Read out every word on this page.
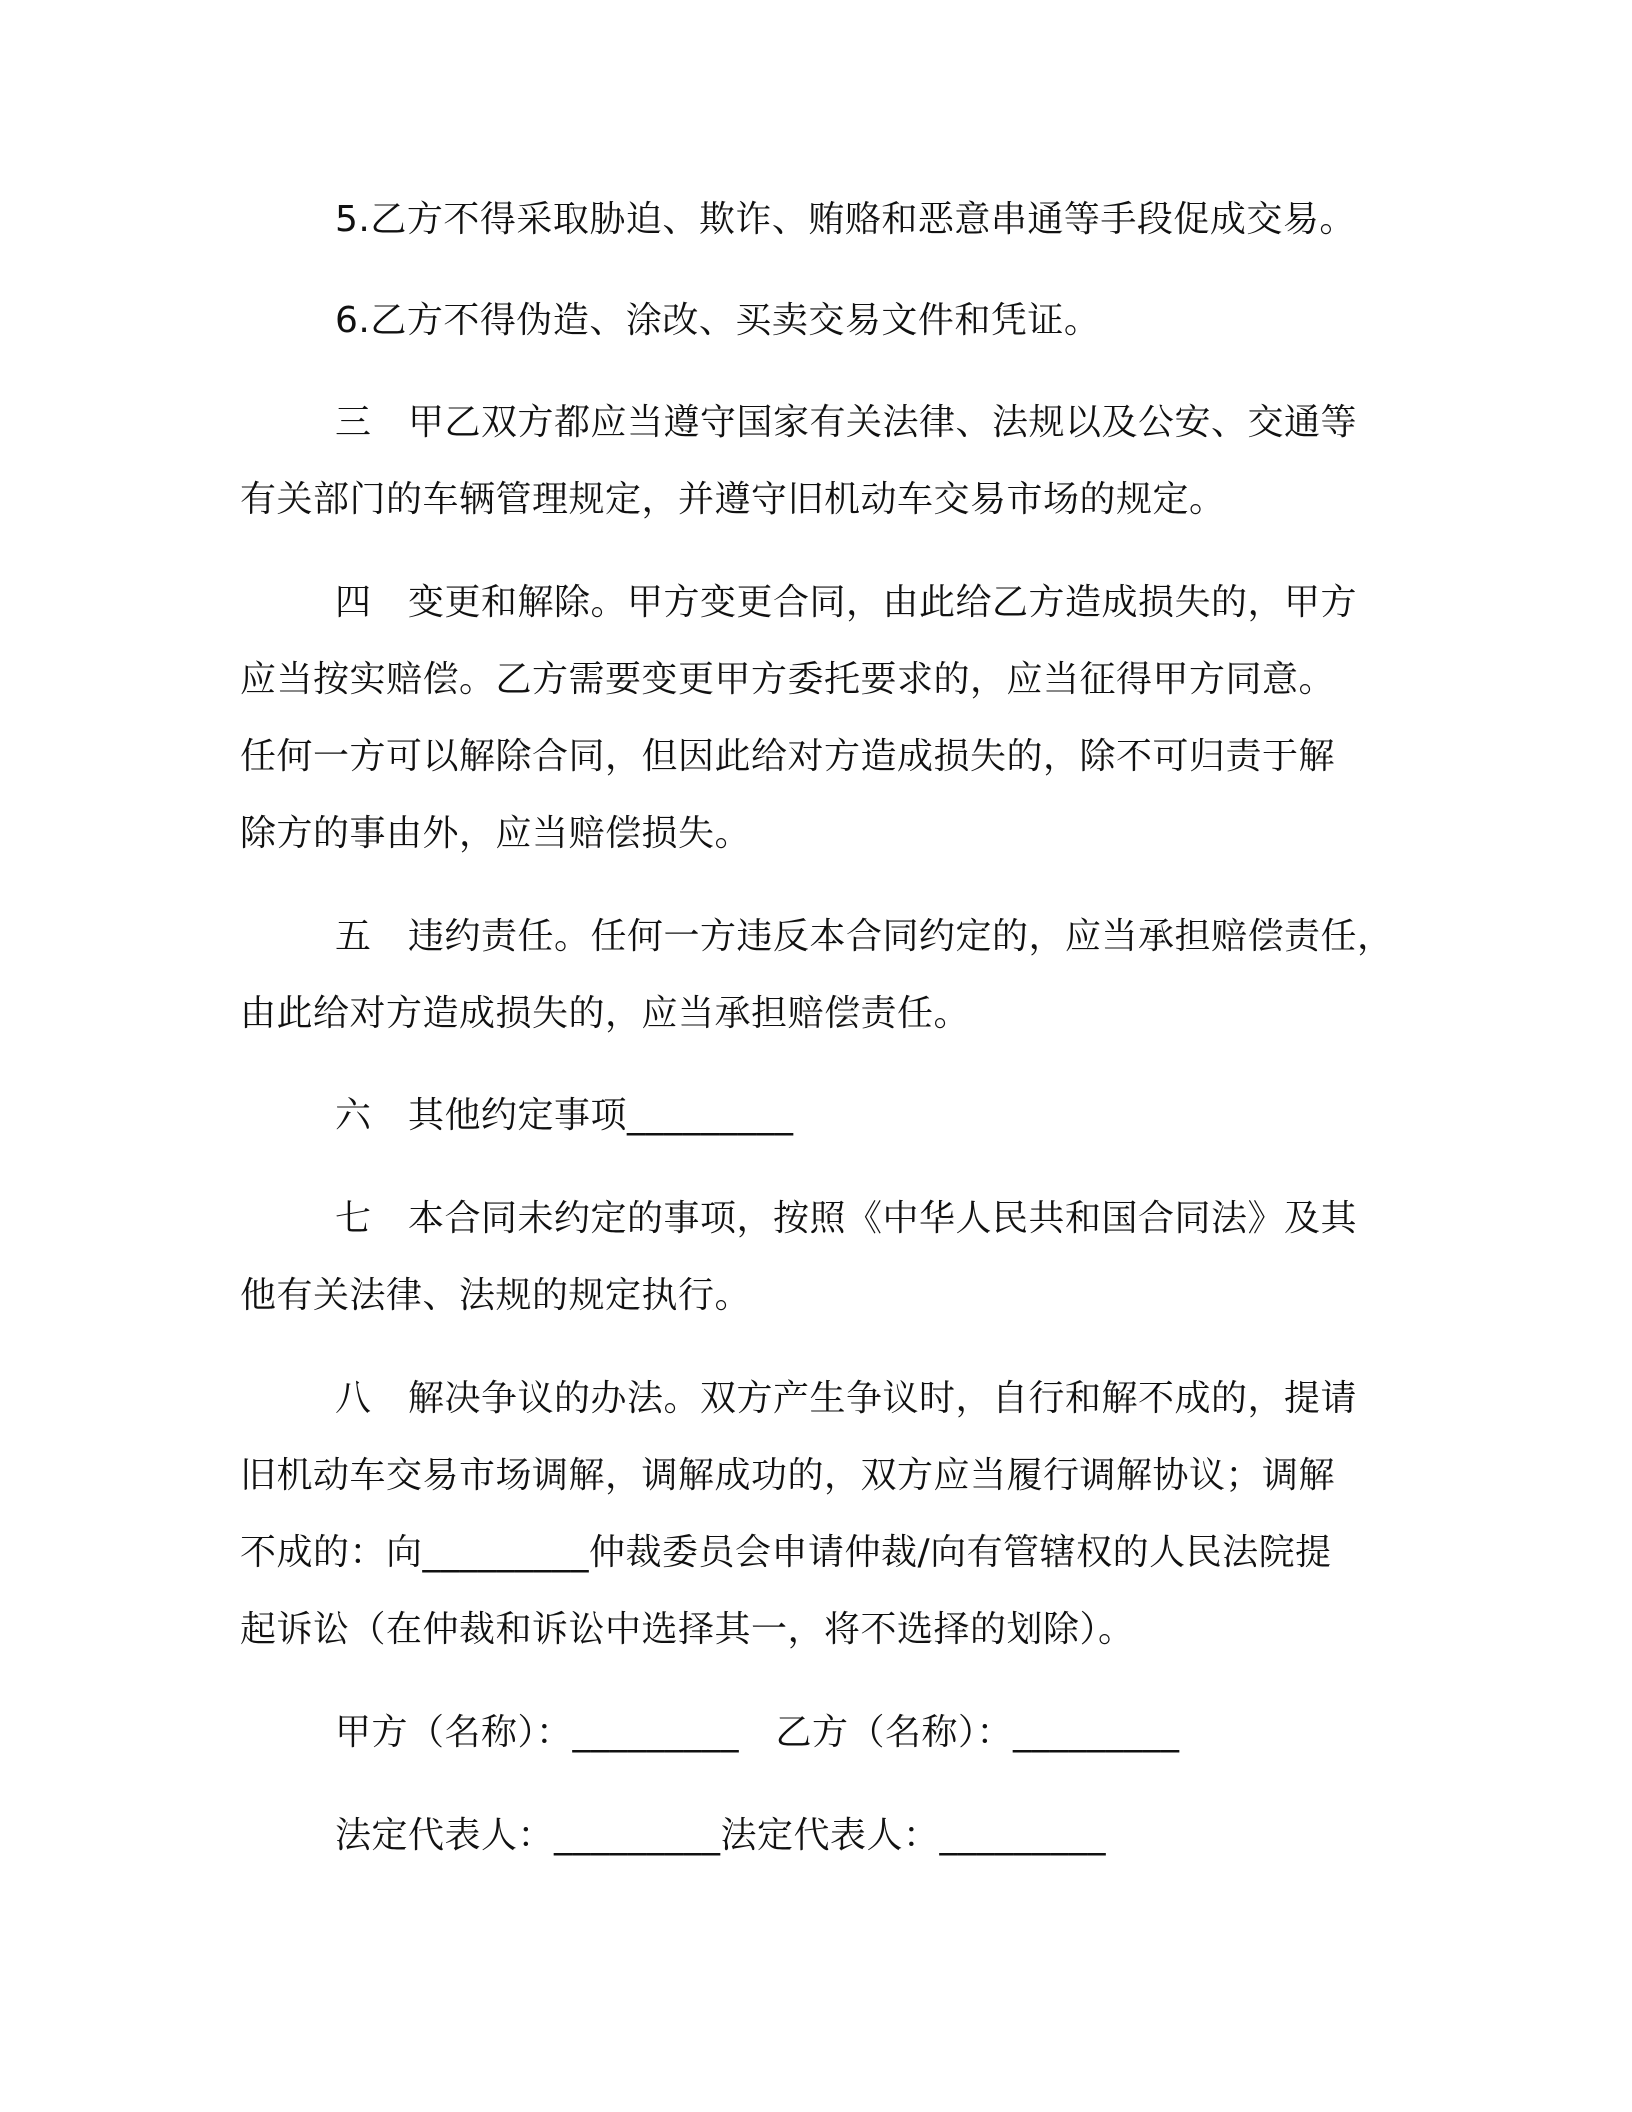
5.乙方不得采取胁迫、欺诈、贿赂和恶意串通等手段促成交易。
6.乙方不得伪造、涂改、买卖交易文件和凭证。
三　甲乙双方都应当遵守国家有关法律、法规以及公安、交通等
有关部门的车辆管理规定，并遵守旧机动车交易市场的规定。
四　变更和解除。甲方变更合同，由此给乙方造成损失的，甲方
应当按实赔偿。乙方需要变更甲方委托要求的，应当征得甲方同意。
任何一方可以解除合同，但因此给对方造成损失的，除不可归责于解
除方的事由外，应当赔偿损失。
五　违约责任。任何一方违反本合同约定的，应当承担赔偿责任，
由此给对方造成损失的，应当承担赔偿责任。
六　其他约定事项_________
七　本合同未约定的事项，按照《中华人民共和国合同法》及其
他有关法律、法规的规定执行。
八　解决争议的办法。双方产生争议时，自行和解不成的，提请
旧机动车交易市场调解，调解成功的，双方应当履行调解协议；调解
不成的：向_________仲裁委员会申请仲裁/向有管辖权的人民法院提
起诉讼（在仲裁和诉讼中选择其一，将不选择的划除）。
甲方（名称）：_________　乙方（名称）：_________
法定代表人：_________法定代表人：_________
